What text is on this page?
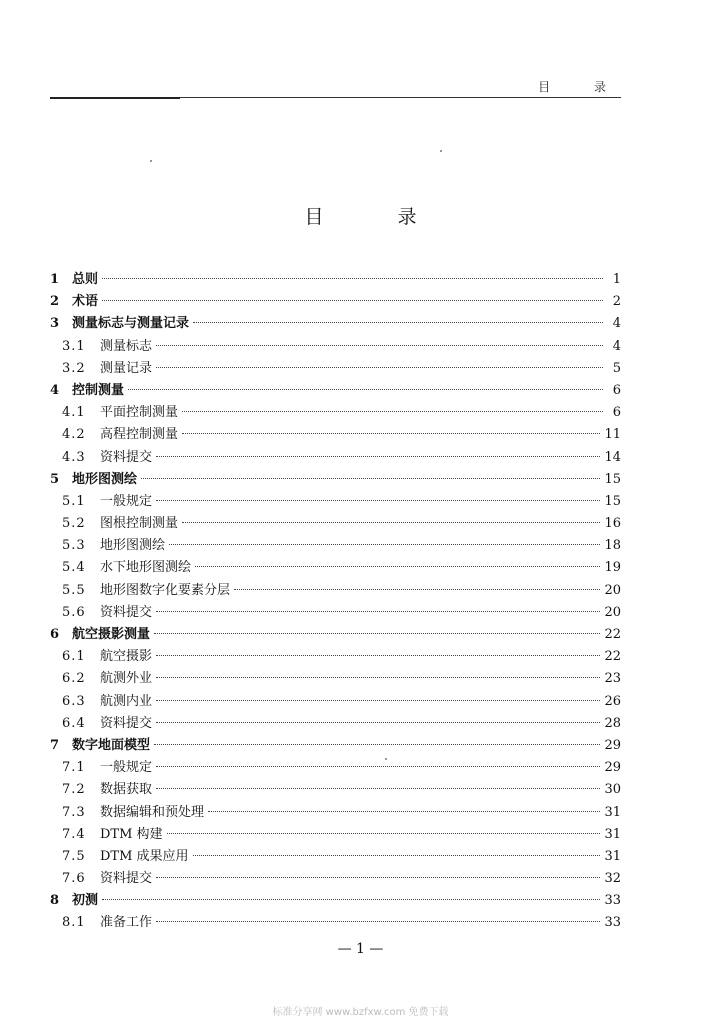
目 录
目 录
1 总则	1
2 术语	2
3 测量标志与测量记录	4
3.1	测量标志	4
3.2	测量记录	5
4 控制测量	6
4.1	平面控制测量	6
4.2	高程控制测量	11
4.3	资料提交	14
5 地形图测绘	15
5.1	一般规定	15
5.2	图根控制测量	16
5.3	地形图测绘	18
5.4	水下地形图测绘	19
5.5	地形图数字化要素分层	20
5.6	资料提交	20
6 航空摄影测量	22
6.1	航空摄影	22
6.2	航测外业	23
6.3	航测内业	26
6.4	资料提交	28
7 数字地面模型	29
7.1	一般规定	29
7.2	数据获取	30
7.3	数据编辑和预处理	31
7.4	DTM 构建	31
7.5	DTM 成果应用	31
7.6	资料提交	32
8 初测	33
8.1	准备工作	33
— 1 —
标准分享网 www.bzfxw.com 免费下载
